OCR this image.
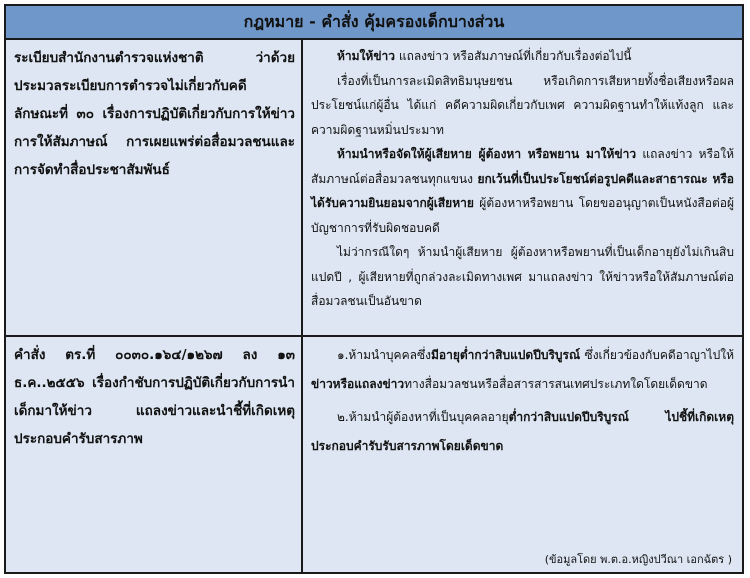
กฎหมาย - คำสั่ง คุ้มครองเด็กบางส่วน
ระเบียบสำนักงานตำรวจแห่งชาติ ว่าด้วยประมวลระเบียบการตำรวจไม่เกี่ยวกับคดี ลักษณะที่ ๓๐ เรื่องการปฏิบัติเกี่ยวกับการให้ข่าว การให้สัมภาษณ์ การเผยแพร่ต่อสื่อมวลชนและการจัดทำสื่อประชาสัมพันธ์

ห้ามให้ข่าว แถลงข่าว หรือสัมภาษณ์ที่เกี่ยวกับเรื่องต่อไปนี้

เรื่องที่เป็นการละเมิดสิทธิมนุษยชน หรือเกิดการเสียหายทั้งชื่อเสียงหรือผลประโยชน์แก่ผู้อื่น ได้แก่ คดีความผิดเกี่ยวกับเพศ ความผิดฐานทำให้แท้งลูก และความผิดฐานหมิ่นประมาท

ห้ามนำหรือจัดให้ผู้เสียหาย ผู้ต้องหา หรือพยาน มาให้ข่าว แถลงข่าว หรือให้สัมภาษณ์ต่อสื่อมวลชนทุกแขนง ยกเว้นที่เป็นประโยชน์ต่อรูปคดีและสาธารณะ หรือได้รับความยินยอมจากผู้เสียหาย ผู้ต้องหาหรือพยาน โดยขออนุญาตเป็นหนังสือต่อผู้บัญชาการที่รับผิดชอบคดี

ไม่ว่ากรณีใดๆ ห้ามนำผู้เสียหาย ผู้ต้องหาหรือพยานที่เป็นเด็กอายุยังไม่เกินสิบแปดปี , ผู้เสียหายที่ถูกล่วงละเมิดทางเพศ มาแถลงข่าว ให้ข่าวหรือให้สัมภาษณ์ต่อสื่อมวลชนเป็นอันขาด

คำสั่ง ตร.ที่ ๐๐๓๐.๑๖๔/๑๒๖๗ ลง ๑๓ ธ.ค..๒๕๕๖ เรื่องกำชับการปฏิบัติเกี่ยวกับการนำเด็กมาให้ข่าว แถลงข่าวและนำชี้ที่เกิดเหตุประกอบคำรับสารภาพ

๑.ห้ามนำบุคคลซึ่งมีอายุต่ำกว่าสิบแปดปีบริบูรณ์ ซึ่งเกี่ยวข้องกับคดีอาญาไปให้ข่าวหรือแถลงข่าวทางสื่อมวลชนหรือสื่อสารสารสนเทศประเภทใดโดยเด็ดขาด

๒.ห้ามนำผู้ต้องหาที่เป็นบุคคลอายุต่ำกว่าสิบแปดปีบริบูรณ์ ไปชี้ที่เกิดเหตุประกอบคำรับรับสารภาพโดยเด็ดขาด

(ข้อมูลโดย พ.ต.อ.หญิงปวีณา เอกฉัตร )
